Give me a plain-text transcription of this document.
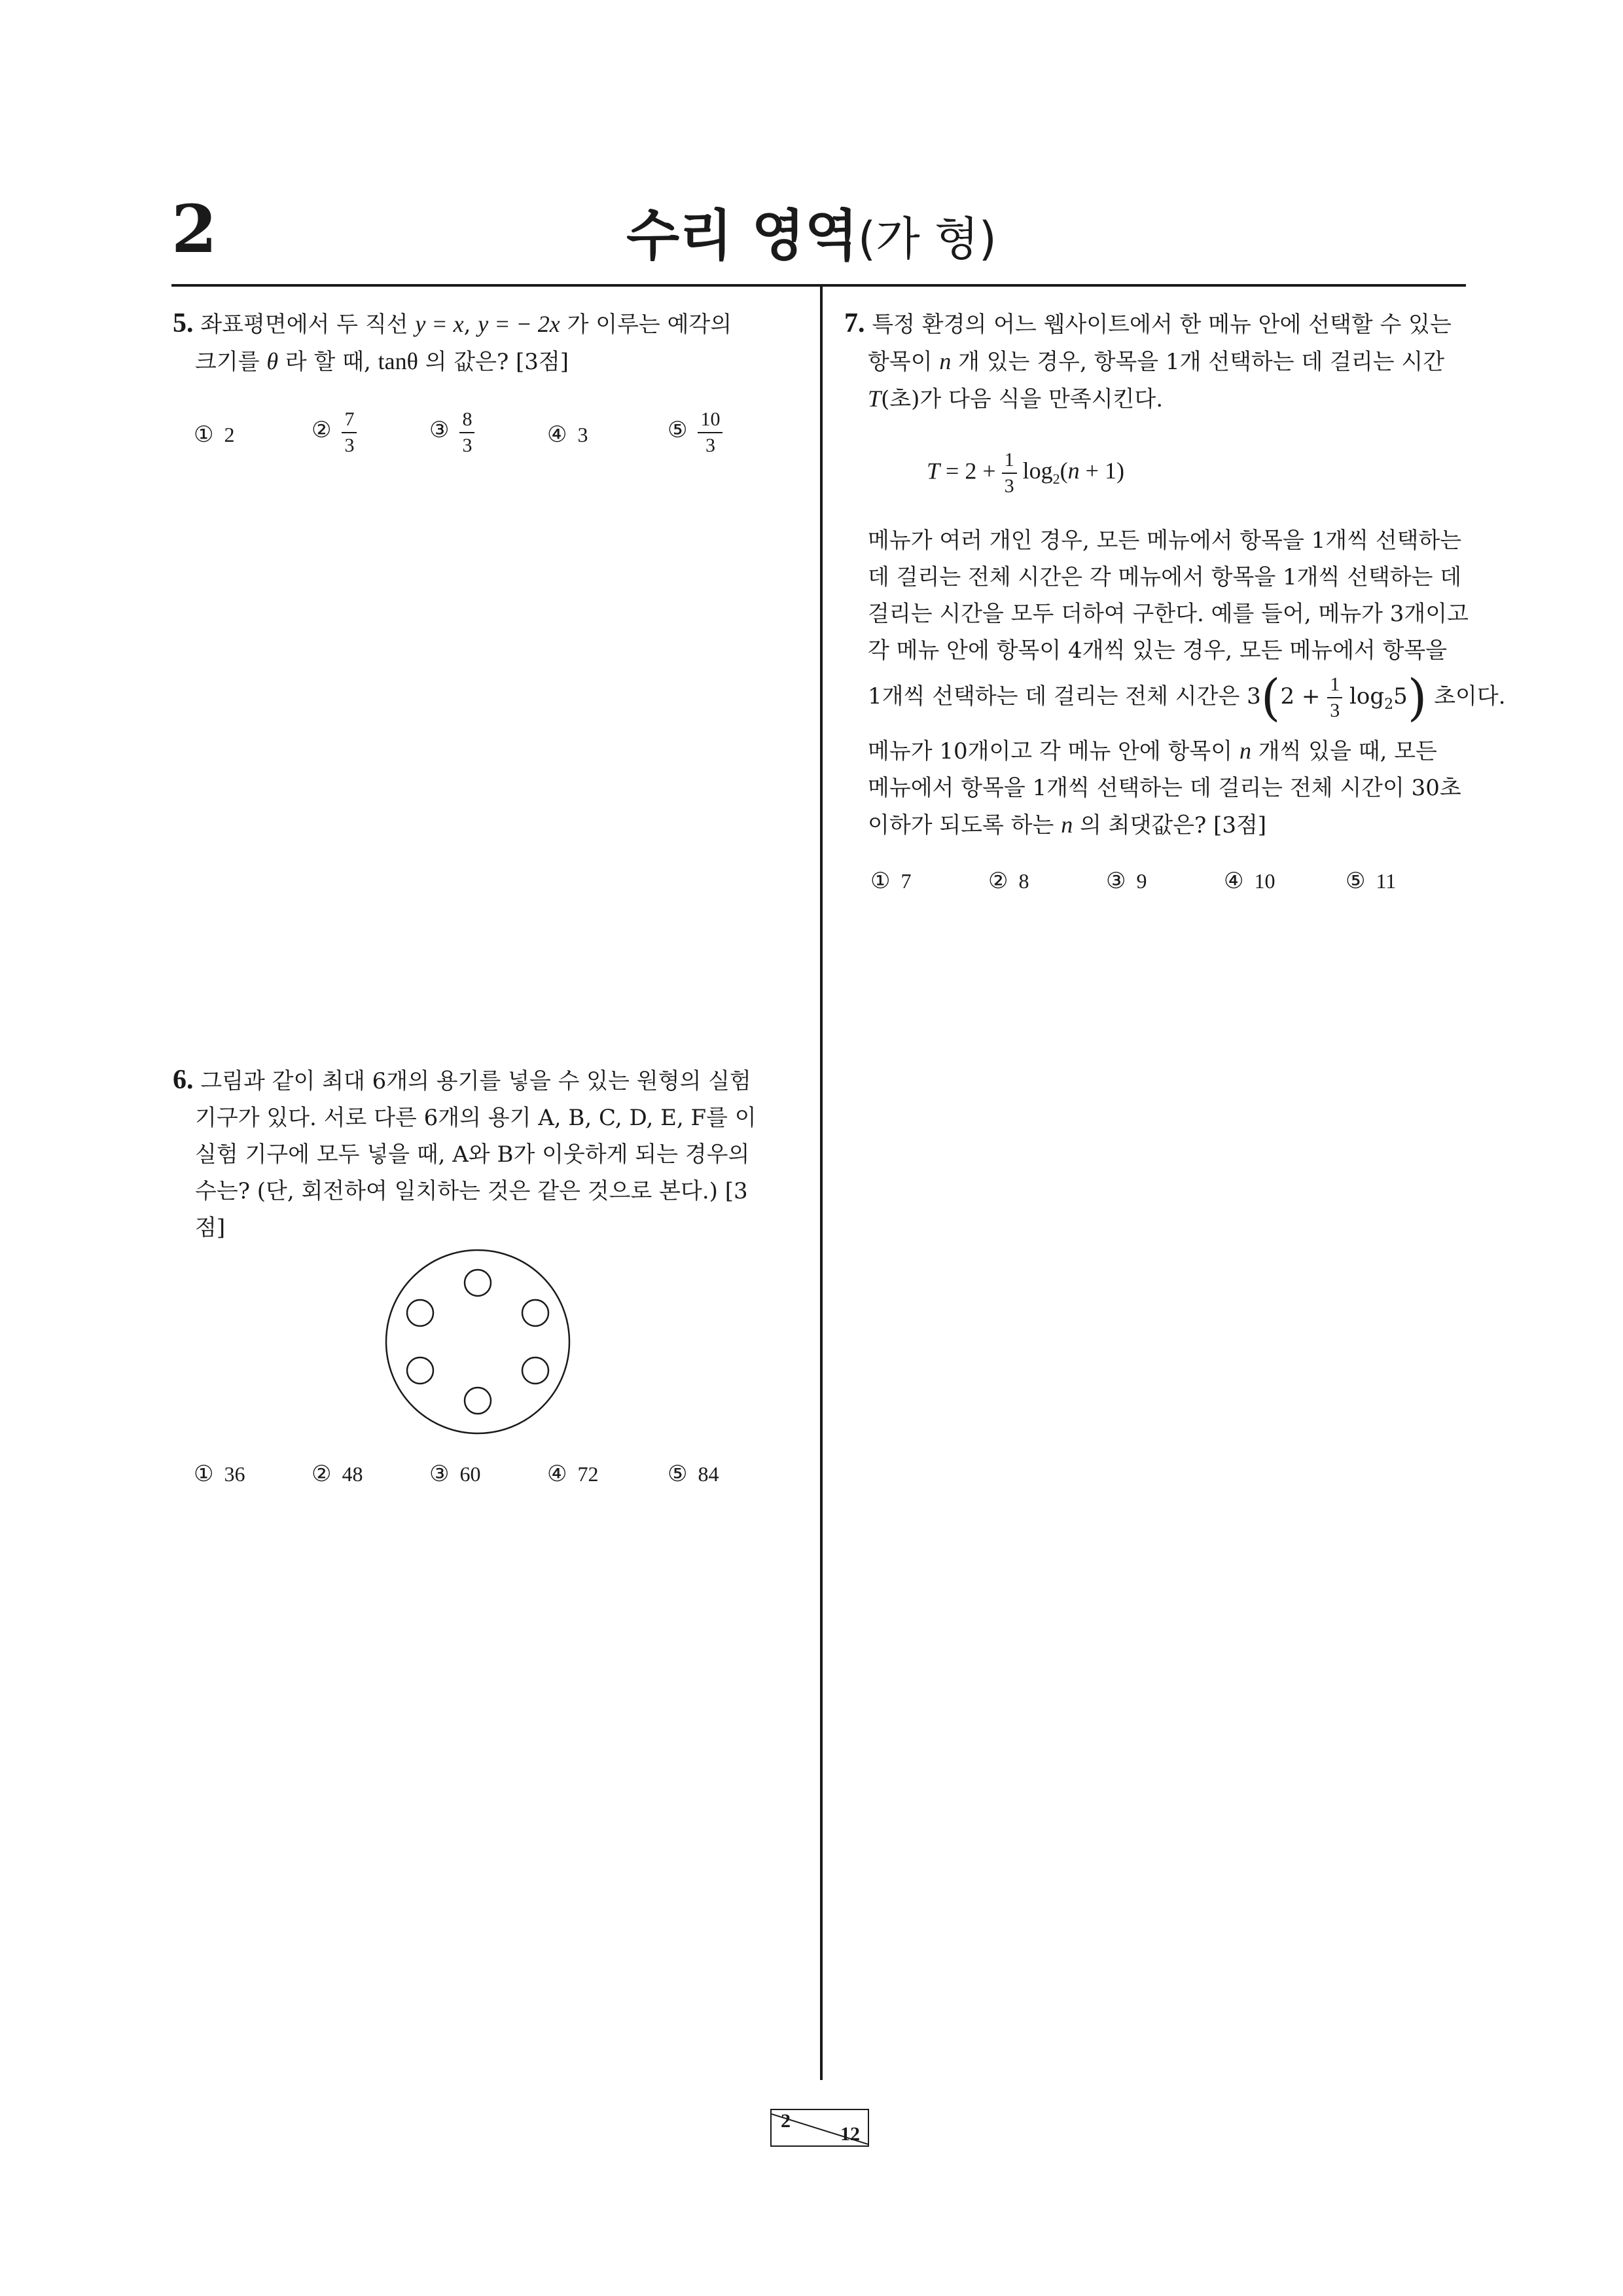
2	수리 영역(가 형)

5. 좌표평면에서 두 직선 y = x, y = − 2x 가 이루는 예각의

크기를 θ 라 할 때, tanθ 의 값은? [3점]

① 2	② $\frac{7}{3}$	③ $\frac{8}{3}$	④ 3	⑤ $\frac{10}{3}$

6. 그림과 같이 최대 6개의 용기를 넣을 수 있는 원형의 실험

기구가 있다. 서로 다른 6개의 용기 A, B, C, D, E, F를 이

실험 기구에 모두 넣을 때, A와 B가 이웃하게 되는 경우의

수는? (단, 회전하여 일치하는 것은 같은 것으로 본다.) [3점]

① 36	② 48	③ 60	④ 72	⑤ 84

7. 특정 환경의 어느 웹사이트에서 한 메뉴 안에 선택할 수 있는

항목이 n 개 있는 경우, 항목을 1개 선택하는 데 걸리는 시간

T(초)가 다음 식을 만족시킨다.

$T = 2 + \frac{1}{3} \log_2(n + 1)$

메뉴가 여러 개인 경우, 모든 메뉴에서 항목을 1개씩 선택하는

데 걸리는 전체 시간은 각 메뉴에서 항목을 1개씩 선택하는 데

걸리는 시간을 모두 더하여 구한다. 예를 들어, 메뉴가 3개이고

각 메뉴 안에 항목이 4개씩 있는 경우, 모든 메뉴에서 항목을

1개씩 선택하는 데 걸리는 전체 시간은 $3(2 + \frac{1}{3} \log_25)$ 초이다.

메뉴가 10개이고 각 메뉴 안에 항목이 n 개씩 있을 때, 모든

메뉴에서 항목을 1개씩 선택하는 데 걸리는 전체 시간이 30초

이하가 되도록 하는 n 의 최댓값은? [3점]

① 7	② 8	③ 9	④ 10	⑤ 11
2
12
